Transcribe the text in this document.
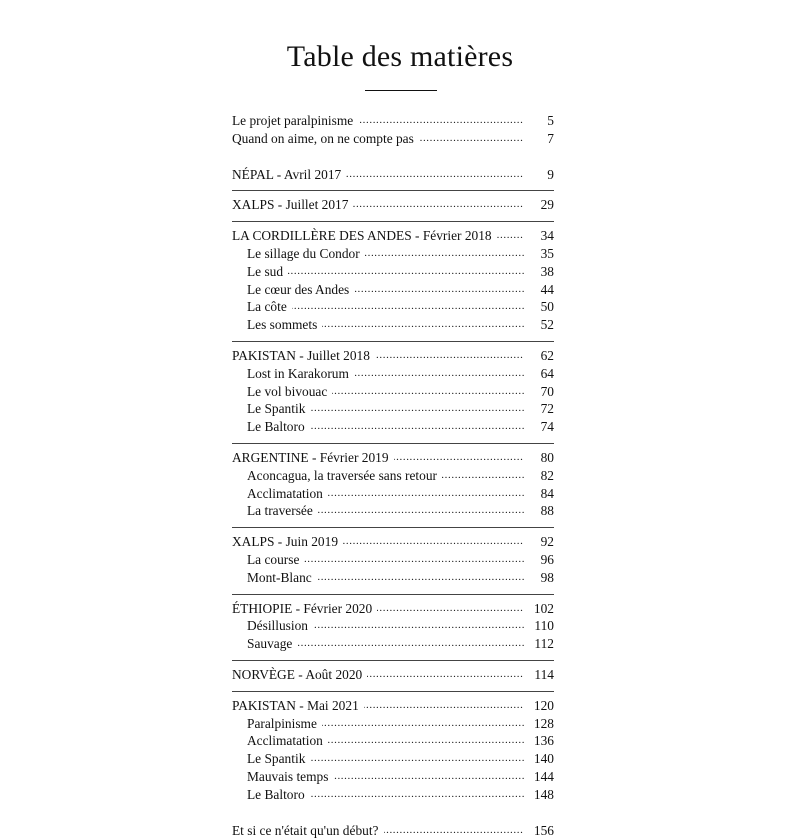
Table des matières
.....
Le projet paralpinisme	5
.....
Quand on aime, on ne compte pas	7
.....
NÉPAL - Avril 2017	9
.....
XALPS - Juillet 2017	29
.....
LA CORDILLÈRE DES ANDES - Février 2018	34
.....
Le sillage du Condor	35
.....
Le sud	38
.....
Le cœur des Andes	44
.....
La côte	50
.....
Les sommets	52
.....
PAKISTAN - Juillet 2018	62
.....
Lost in Karakorum	64
.....
Le vol bivouac	70
.....
Le Spantik	72
.....
Le Baltoro	74
.....
ARGENTINE - Février 2019	80
.....
Aconcagua, la traversée sans retour	82
.....
Acclimatation	84
.....
La traversée	88
.....
XALPS - Juin 2019	92
.....
La course	96
.....
Mont-Blanc	98
.....
ÉTHIOPIE - Février 2020	102
.....
Désillusion	110
.....
Sauvage	112
.....
NORVÈGE - Août 2020	114
.....
PAKISTAN - Mai 2021	120
.....
Paralpinisme	128
.....
Acclimatation	136
.....
Le Spantik	140
.....
Mauvais temps	144
.....
Le Baltoro	148
.....
Et si ce n'était qu'un début?	156
